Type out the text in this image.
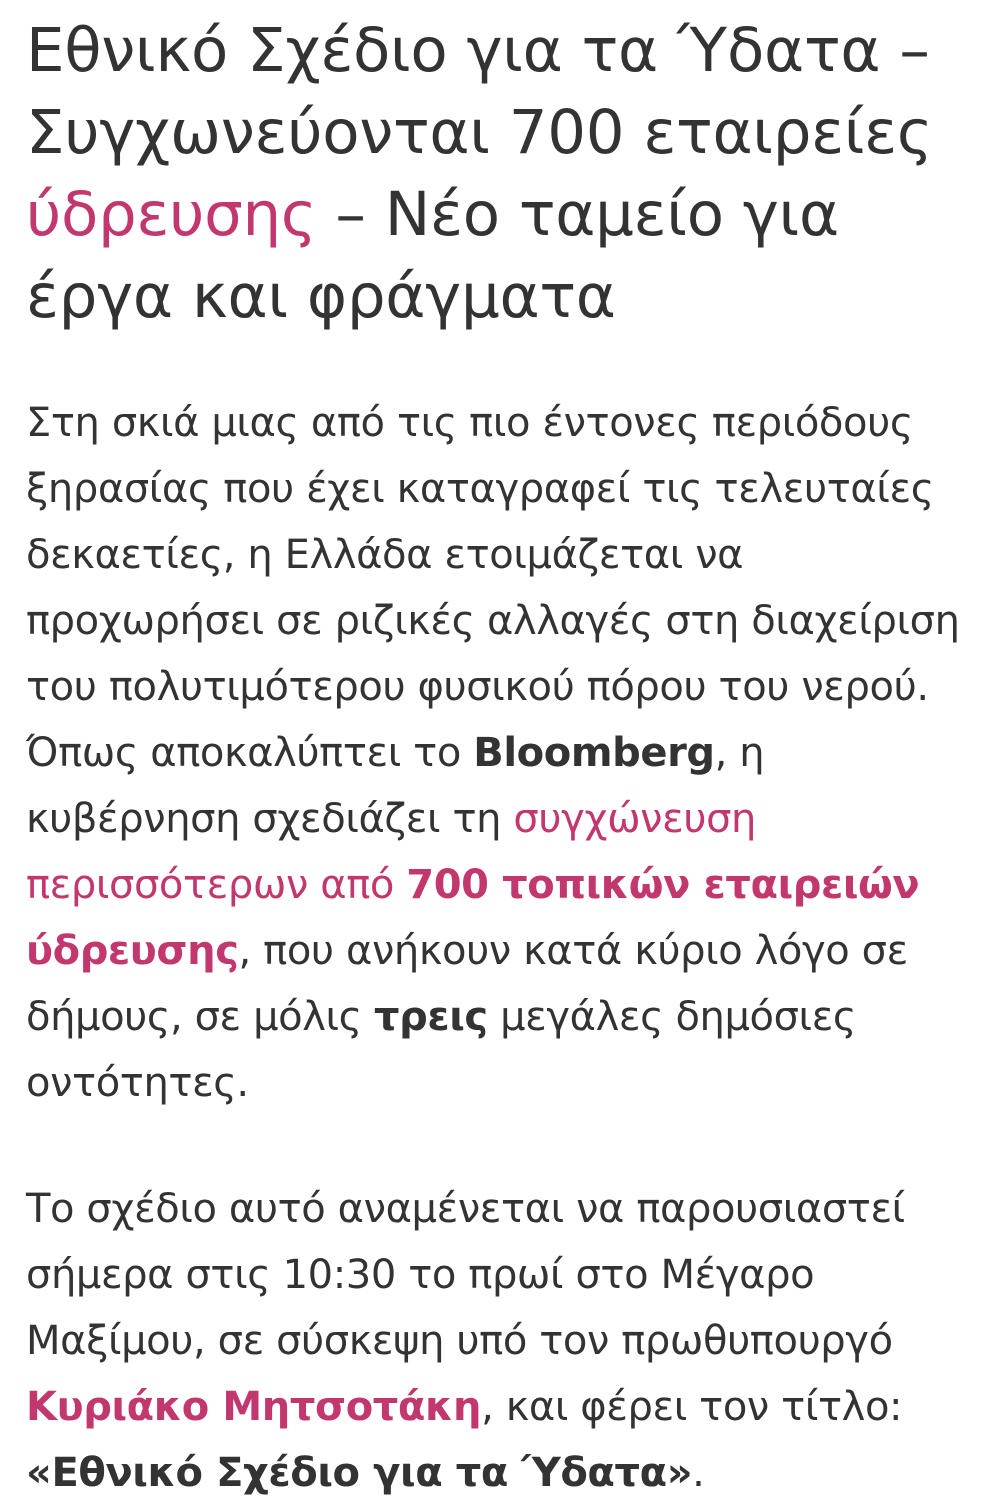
Εθνικό Σχέδιο για τα Ύδατα – Συγχωνεύονται 700 εταιρείες ύδρευσης – Νέο ταμείο για έργα και φράγματα

Στη σκιά μιας από τις πιο έντονες περιόδους ξηρασίας που έχει καταγραφεί τις τελευταίες δεκαετίες, η Ελλάδα ετοιμάζεται να προχωρήσει σε ριζικές αλλαγές στη διαχείριση του πολυτιμότερου φυσικού πόρου του νερού. Όπως αποκαλύπτει το Bloomberg, η κυβέρνηση σχεδιάζει τη συγχώνευση περισσότερων από 700 τοπικών εταιρειών ύδρευσης, που ανήκουν κατά κύριο λόγο σε δήμους, σε μόλις τρεις μεγάλες δημόσιες οντότητες.

Το σχέδιο αυτό αναμένεται να παρουσιαστεί σήμερα στις 10:30 το πρωί στο Μέγαρο Μαξίμου, σε σύσκεψη υπό τον πρωθυπουργό Κυριάκο Μητσοτάκη, και φέρει τον τίτλο: «Εθνικό Σχέδιο για τα Ύδατα».
